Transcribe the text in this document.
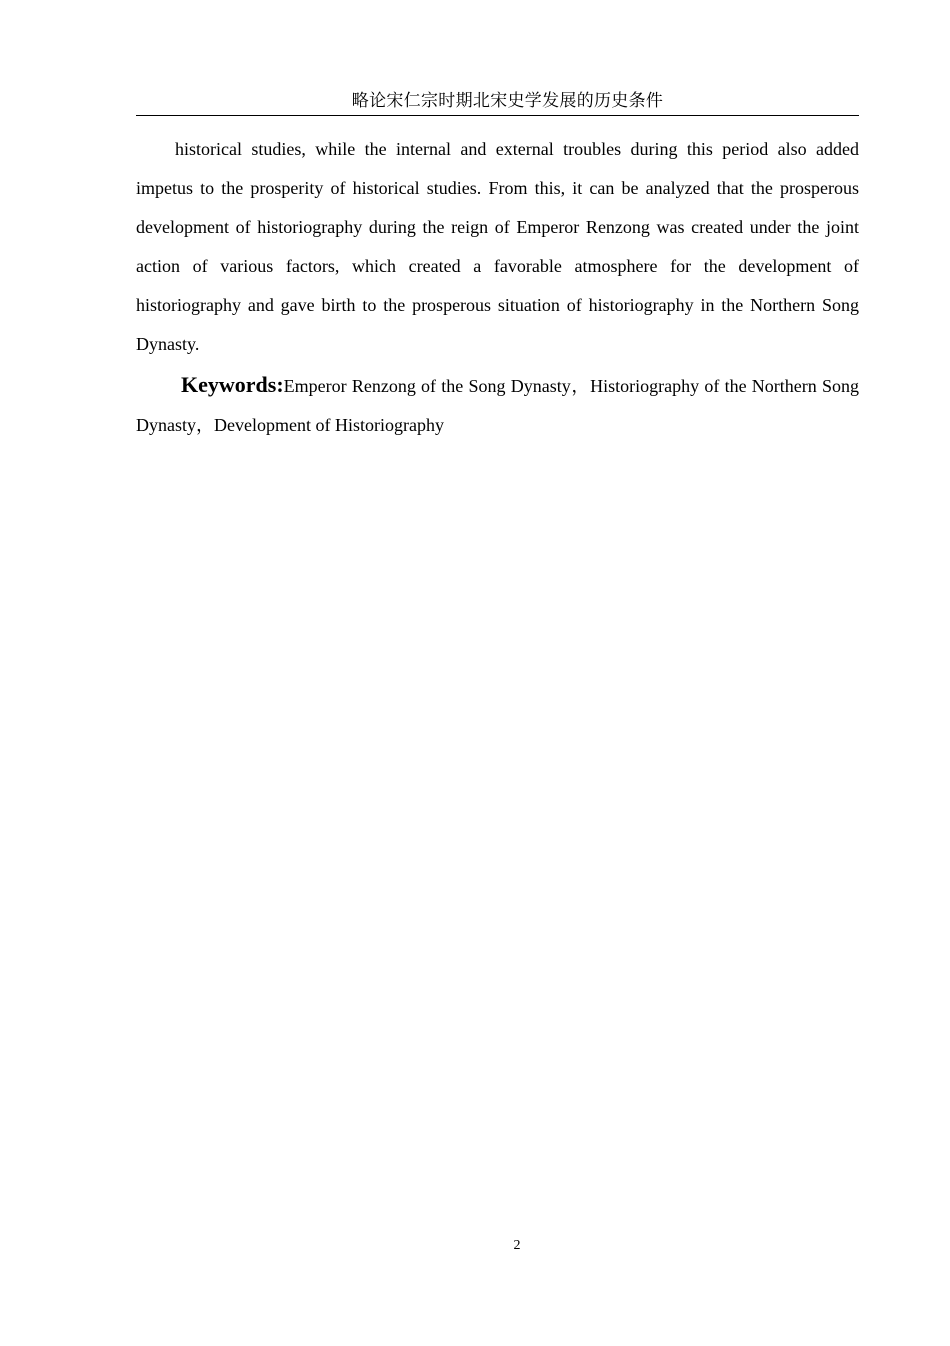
略论宋仁宗时期北宋史学发展的历史条件

historical studies, while the internal and external troubles during this period also added impetus to the prosperity of historical studies. From this, it can be analyzed that the prosperous development of historiography during the reign of Emperor Renzong was created under the joint action of various factors, which created a favorable atmosphere for the development of historiography and gave birth to the prosperous situation of historiography in the Northern Song Dynasty.

Keywords:Emperor Renzong of the Song Dynasty，Historiography of the Northern Song Dynasty，Development of Historiography

2
